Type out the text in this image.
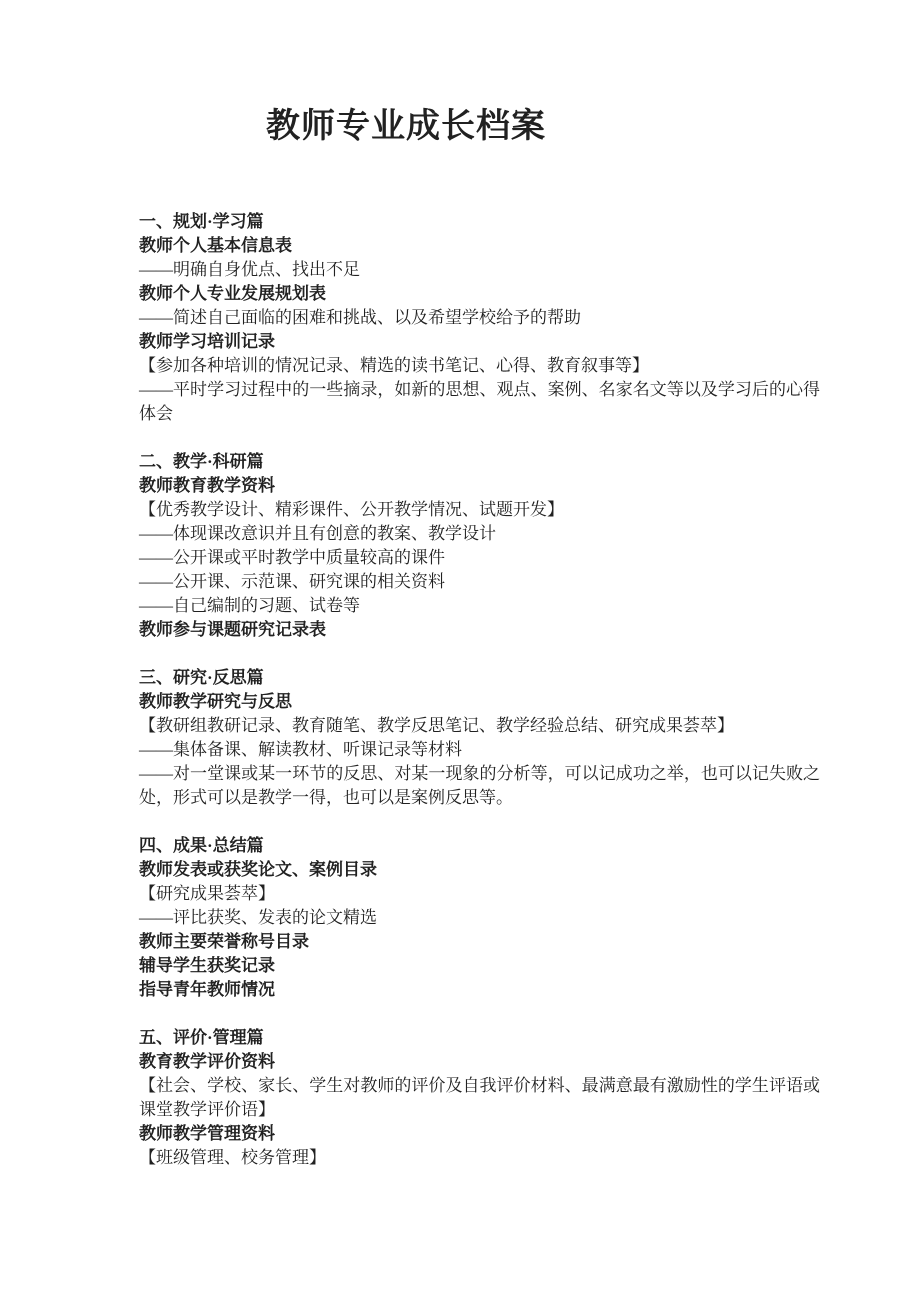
教师专业成长档案

一、规划·学习篇

教师个人基本信息表

——明确自身优点、找出不足

教师个人专业发展规划表

——简述自己面临的困难和挑战、以及希望学校给予的帮助

教师学习培训记录

【参加各种培训的情况记录、精选的读书笔记、心得、教育叙事等】

——平时学习过程中的一些摘录，如新的思想、观点、案例、名家名文等以及学习后的心得体会

二、教学·科研篇

教师教育教学资料

【优秀教学设计、精彩课件、公开教学情况、试题开发】

——体现课改意识并且有创意的教案、教学设计

——公开课或平时教学中质量较高的课件

——公开课、示范课、研究课的相关资料

——自己编制的习题、试卷等

教师参与课题研究记录表

三、研究·反思篇

教师教学研究与反思

【教研组教研记录、教育随笔、教学反思笔记、教学经验总结、研究成果荟萃】

——集体备课、解读教材、听课记录等材料

——对一堂课或某一环节的反思、对某一现象的分析等，可以记成功之举，也可以记失败之处，形式可以是教学一得，也可以是案例反思等。

四、成果·总结篇

教师发表或获奖论文、案例目录

【研究成果荟萃】

——评比获奖、发表的论文精选

教师主要荣誉称号目录

辅导学生获奖记录

指导青年教师情况

五、评价·管理篇

教育教学评价资料

【社会、学校、家长、学生对教师的评价及自我评价材料、最满意最有激励性的学生评语或课堂教学评价语】

教师教学管理资料

【班级管理、校务管理】
